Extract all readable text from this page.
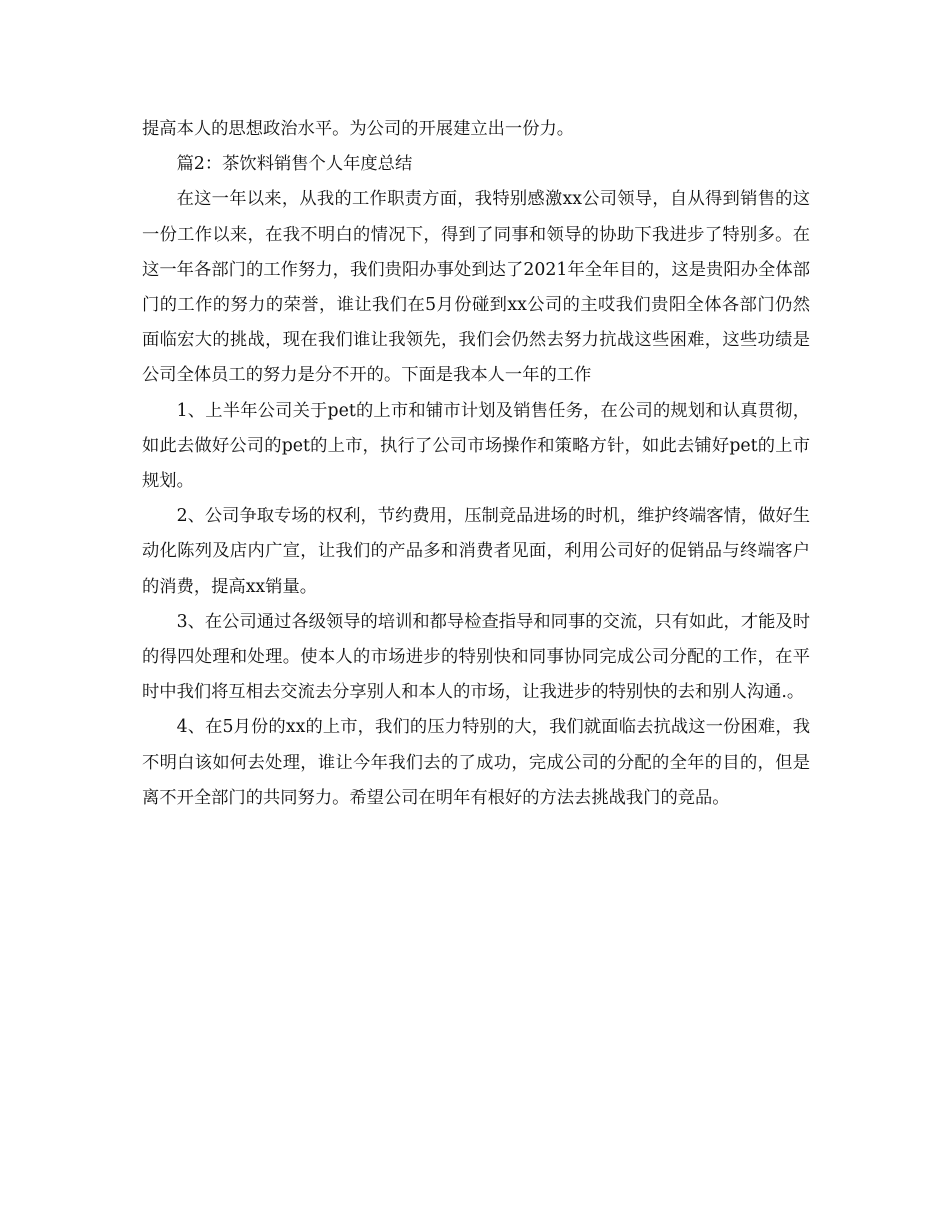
提高本人的思想政治水平。为公司的开展建立出一份力。

篇2：茶饮料销售个人年度总结

在这一年以来，从我的工作职责方面，我特别感激xx公司领导，自从得到销售的这一份工作以来，在我不明白的情况下，得到了同事和领导的协助下我进步了特别多。在这一年各部门的工作努力，我们贵阳办事处到达了2021年全年目的，这是贵阳办全体部门的工作的努力的荣誉，谁让我们在5月份碰到xx公司的主哎我们贵阳全体各部门仍然面临宏大的挑战，现在我们谁让我领先，我们会仍然去努力抗战这些困难，这些功绩是公司全体员工的努力是分不开的。下面是我本人一年的工作

1、上半年公司关于pet的上市和铺市计划及销售任务，在公司的规划和认真贯彻，如此去做好公司的pet的上市，执行了公司市场操作和策略方针，如此去铺好pet的上市规划。

2、公司争取专场的权利，节约费用，压制竞品进场的时机，维护终端客情，做好生动化陈列及店内广宣，让我们的产品多和消费者见面，利用公司好的促销品与终端客户的消费，提高xx销量。

3、在公司通过各级领导的培训和都导检查指导和同事的交流，只有如此，才能及时的得四处理和处理。使本人的市场进步的特别快和同事协同完成公司分配的工作，在平时中我们将互相去交流去分享别人和本人的市场，让我进步的特别快的去和别人沟通.。

4、在5月份的xx的上市，我们的压力特别的大，我们就面临去抗战这一份困难，我不明白该如何去处理，谁让今年我们去的了成功，完成公司的分配的全年的目的，但是离不开全部门的共同努力。希望公司在明年有根好的方法去挑战我门的竞品。
